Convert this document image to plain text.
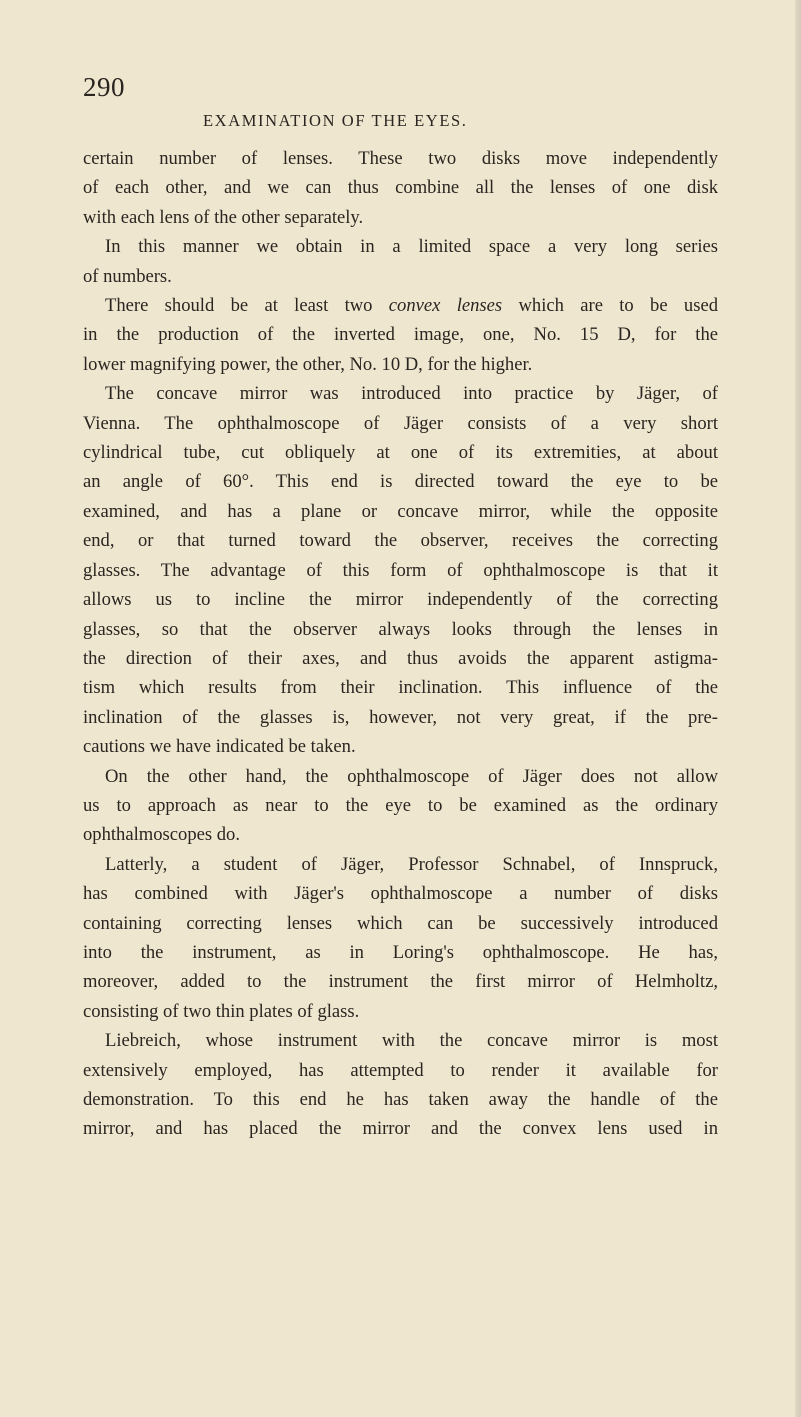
290
EXAMINATION OF THE EYES.
certain number of lenses. These two disks move independently
of each other, and we can thus combine all the lenses of one disk
with each lens of the other separately.
In this manner we obtain in a limited space a very long series
of numbers.
There should be at least two convex lenses which are to be used
in the production of the inverted image, one, No. 15 D, for the
lower magnifying power, the other, No. 10 D, for the higher.
The concave mirror was introduced into practice by Jäger, of
Vienna. The ophthalmoscope of Jäger consists of a very short
cylindrical tube, cut obliquely at one of its extremities, at about
an angle of 60°. This end is directed toward the eye to be
examined, and has a plane or concave mirror, while the opposite
end, or that turned toward the observer, receives the correcting
glasses. The advantage of this form of ophthalmoscope is that it
allows us to incline the mirror independently of the correcting
glasses, so that the observer always looks through the lenses in
the direction of their axes, and thus avoids the apparent astigma-
tism which results from their inclination. This influence of the
inclination of the glasses is, however, not very great, if the pre-
cautions we have indicated be taken.
On the other hand, the ophthalmoscope of Jäger does not allow
us to approach as near to the eye to be examined as the ordinary
ophthalmoscopes do.
Latterly, a student of Jäger, Professor Schnabel, of Innspruck,
has combined with Jäger's ophthalmoscope a number of disks
containing correcting lenses which can be successively introduced
into the instrument, as in Loring's ophthalmoscope. He has,
moreover, added to the instrument the first mirror of Helmholtz,
consisting of two thin plates of glass.
Liebreich, whose instrument with the concave mirror is most
extensively employed, has attempted to render it available for
demonstration. To this end he has taken away the handle of the
mirror, and has placed the mirror and the convex lens used in
